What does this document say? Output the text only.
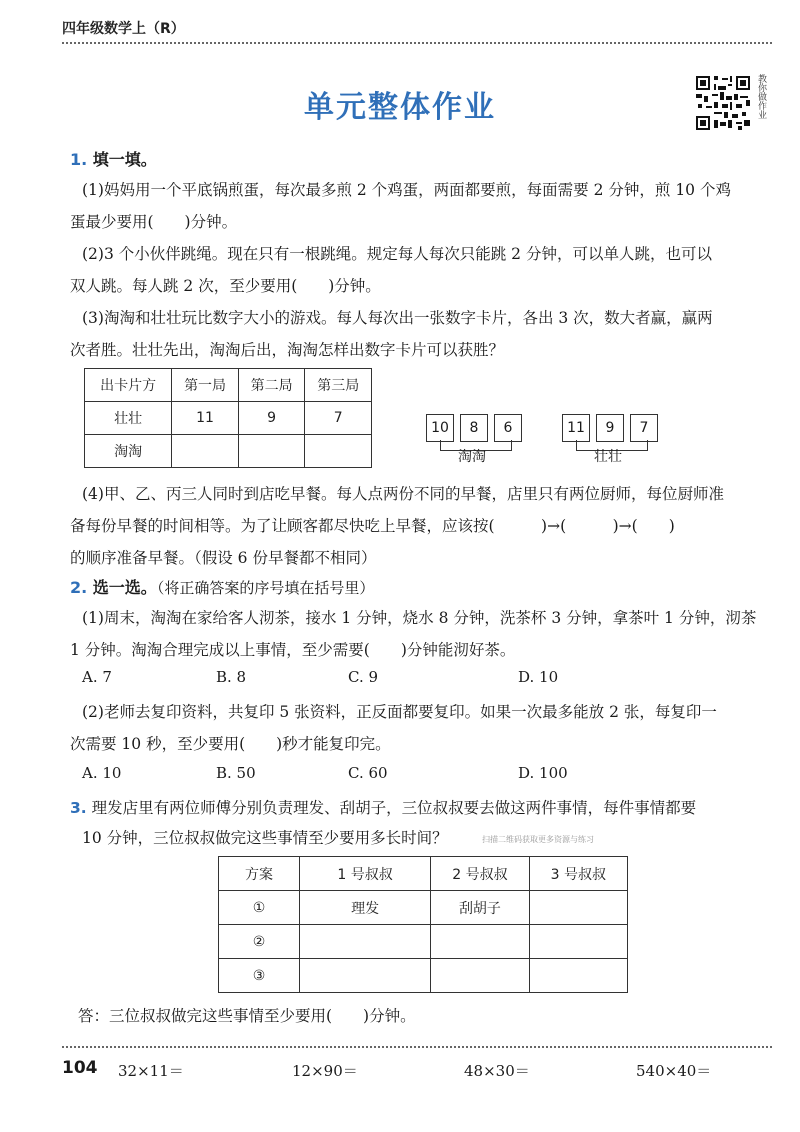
四年级数学上（R）
单元整体作业	教你做作业
1. 填一填。
(1)妈妈用一个平底锅煎蛋，每次最多煎 2 个鸡蛋，两面都要煎，每面需要 2 分钟，煎 10 个鸡
蛋最少要用(　　)分钟。
(2)3 个小伙伴跳绳。现在只有一根跳绳。规定每人每次只能跳 2 分钟，可以单人跳，也可以
双人跳。每人跳 2 次，至少要用(　　)分钟。
(3)淘淘和壮壮玩比数字大小的游戏。每人每次出一张数字卡片，各出 3 次，数大者赢，赢两
次者胜。壮壮先出，淘淘后出，淘淘怎样出数字卡片可以获胜？
出卡片方	第一局	第二局	第三局
壮壮	11	9	7
淘淘			
10	8	6
淘淘
11	9	7
壮壮
(4)甲、乙、丙三人同时到店吃早餐。每人点两份不同的早餐，店里只有两位厨师，每位厨师准
备每份早餐的时间相等。为了让顾客都尽快吃上早餐，应该按(　　　)→(　　　)→(　　)
的顺序准备早餐。（假设 6 份早餐都不相同）
2. 选一选。（将正确答案的序号填在括号里）
(1)周末，淘淘在家给客人沏茶，接水 1 分钟，烧水 8 分钟，洗茶杯 3 分钟，拿茶叶 1 分钟，沏茶
1 分钟。淘淘合理完成以上事情，至少需要(　　)分钟能沏好茶。
A. 7	B. 8	C. 9	D. 10
(2)老师去复印资料，共复印 5 张资料，正反面都要复印。如果一次最多能放 2 张，每复印一
次需要 10 秒，至少要用(　　)秒才能复印完。
A. 10	B. 50	C. 60	D. 100
3. 理发店里有两位师傅分别负责理发、刮胡子，三位叔叔要去做这两件事情，每件事情都要
10 分钟，三位叔叔做完这些事情至少要用多长时间？	扫描二维码获取更多资源与练习
方案	1 号叔叔	2 号叔叔	3 号叔叔
①	理发	刮胡子	
②			
③			
答：三位叔叔做完这些事情至少要用(　　)分钟。
104 32×11＝	12×90＝	48×30＝	540×40＝
